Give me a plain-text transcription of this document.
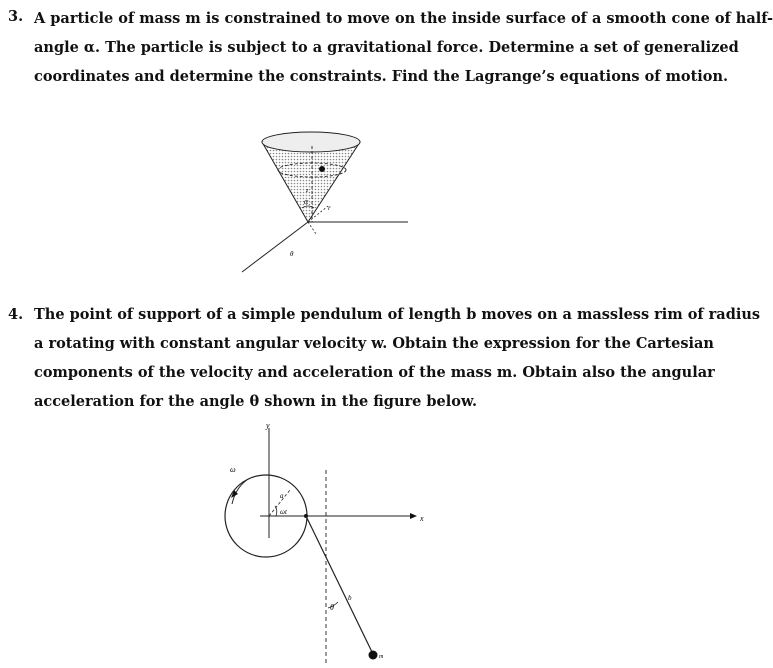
3. A particle of mass m is constrained to move on the inside surface of a smooth cone of half-
angle α. The particle is subject to a gravitational force. Determine a set of generalized
coordinates and determine the constraints. Find the Lagrange’s equations of motion.
α
z
r
θ
4. The point of support of a simple pendulum of length b moves on a massless rim of radius
a rotating with constant angular velocity w. Obtain the expression for the Cartesian
components of the velocity and acceleration of the mass m. Obtain also the angular
acceleration for the angle θ shown in the figure below.
y
x
ω
a
ωt
b
θ
m
